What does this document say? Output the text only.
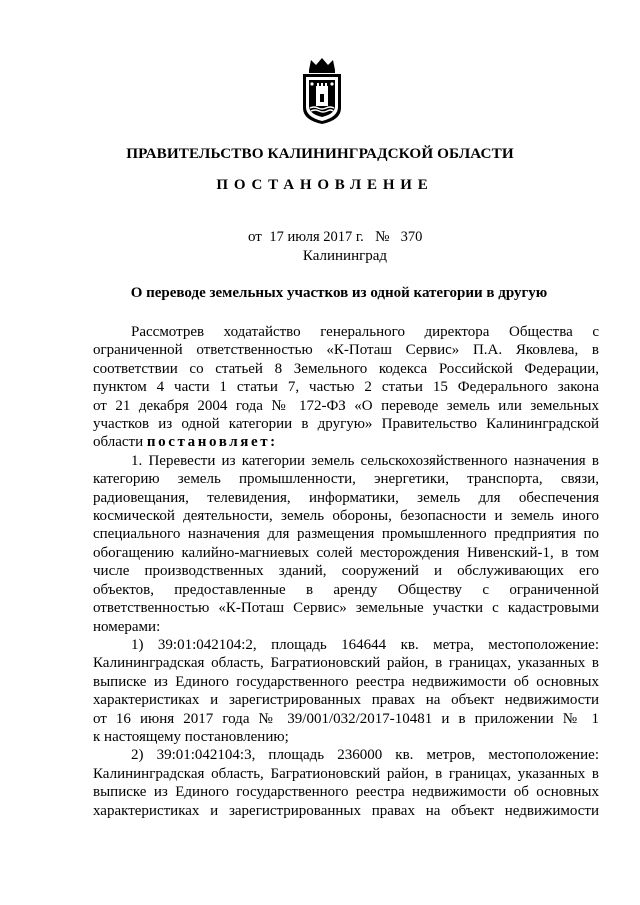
ПРАВИТЕЛЬСТВО КАЛИНИНГРАДСКОЙ ОБЛАСТИ
ПОСТАНОВЛЕНИЕ
от 17 июля 2017 г. № 370
Калининград
О переводе земельных участков из одной категории в другую
Рассмотрев ходатайство генерального директора Общества с
ограниченной ответственностью «К-Поташ Сервис» П.А. Яковлева, в
соответствии со статьей 8 Земельного кодекса Российской Федерации,
пунктом 4 части 1 статьи 7, частью 2 статьи 15 Федерального закона
от 21 декабря 2004 года № 172-ФЗ «О переводе земель или земельных
участков из одной категории в другую» Правительство Калининградской
области постановляет:
1. Перевести из категории земель сельскохозяйственного назначения в
категорию земель промышленности, энергетики, транспорта, связи,
радиовещания, телевидения, информатики, земель для обеспечения
космической деятельности, земель обороны, безопасности и земель иного
специального назначения для размещения промышленного предприятия по
обогащению калийно-магниевых солей месторождения Нивенский-1, в том
числе производственных зданий, сооружений и обслуживающих его
объектов, предоставленные в аренду Обществу с ограниченной
ответственностью «К-Поташ Сервис» земельные участки с кадастровыми
номерами:
1) 39:01:042104:2, площадь 164644 кв. метра, местоположение:
Калининградская область, Багратионовский район, в границах, указанных в
выписке из Единого государственного реестра недвижимости об основных
характеристиках и зарегистрированных правах на объект недвижимости
от 16 июня 2017 года № 39/001/032/2017-10481 и в приложении № 1
к настоящему постановлению;
2) 39:01:042104:3, площадь 236000 кв. метров, местоположение:
Калининградская область, Багратионовский район, в границах, указанных в
выписке из Единого государственного реестра недвижимости об основных
характеристиках и зарегистрированных правах на объект недвижимости
